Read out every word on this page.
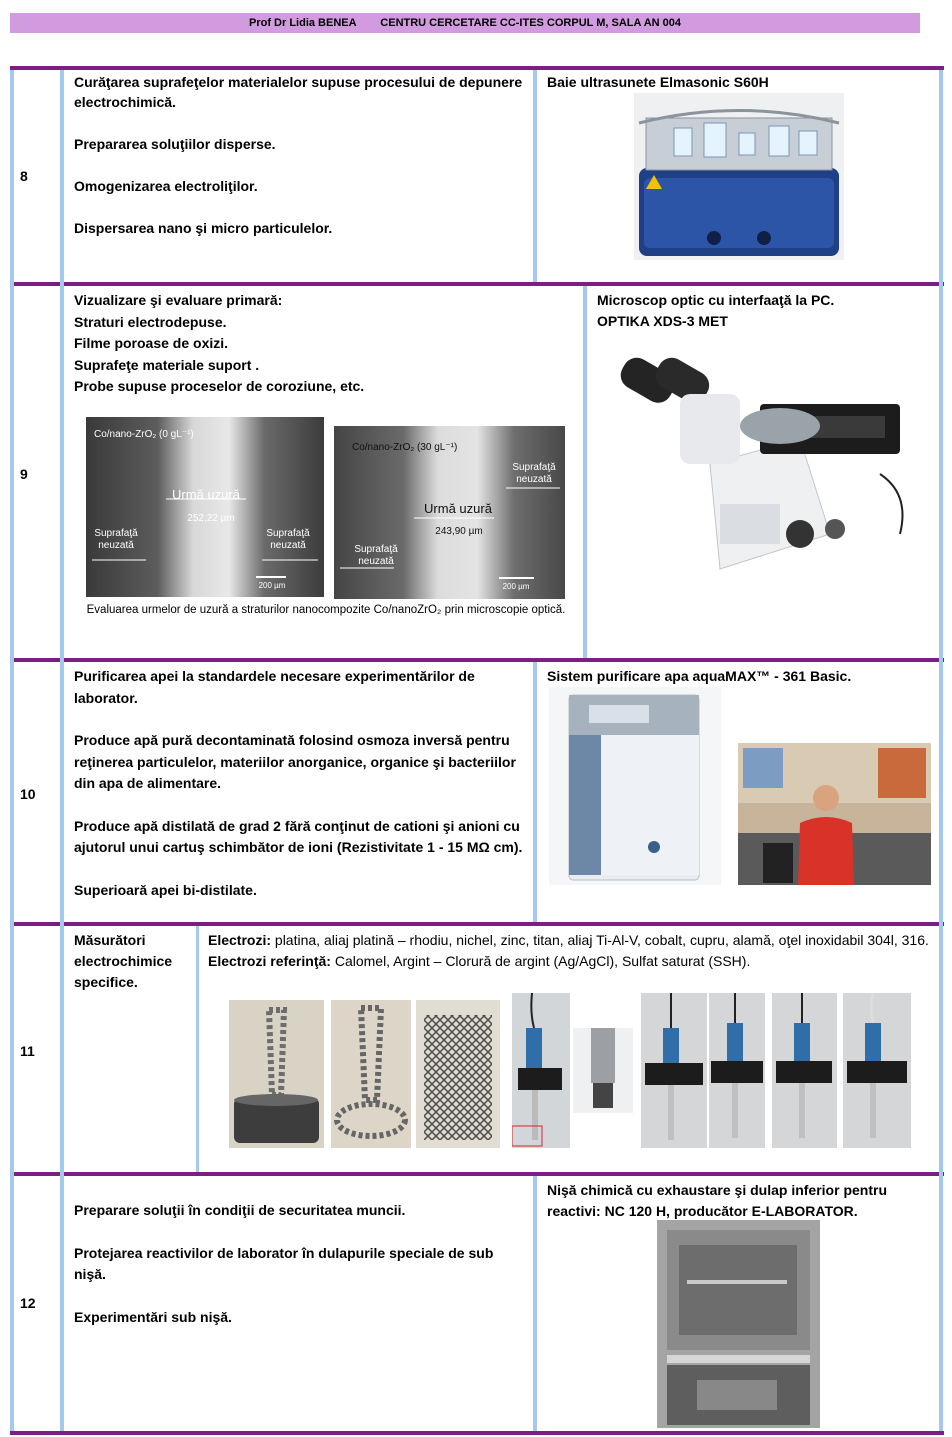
Prof Dr Lidia BENEA CENTRU CERCETARE CC-ITES CORPUL M, SALA AN 004
8

Curăţarea suprafeţelor materialelor supuse procesului de depunere electrochimică.

Prepararea soluţiilor disperse.

Omogenizarea electroliţilor.

Dispersarea nano şi micro particulelor.

Baie ultrasunete Elmasonic S60H
9
Vizualizare şi evaluare primară:
Straturi electrodepuse.
Filme poroase de oxizi.
Suprafeţe materiale suport .
Probe supuse proceselor de coroziune, etc.
Microscop optic cu interfaaţă la PC.
OPTIKA XDS-3 MET
Co/nano-ZrO₂ (0 gL⁻¹)
Urmă uzură
252,22 µm
Suprafaţă neuzată
Suprafaţă neuzată
200 µm
Co/nano-ZrO₂ (30 gL⁻¹)
Urmă uzură
243,90 µm
Suprafaţă neuzată
Suprafaţă neuzată
200 µm
Evaluarea urmelor de uzură a straturilor nanocompozite Co/nanoZrO₂ prin microscopie optică.
10

Purificarea apei la standardele necesare experimentărilor de laborator.

Produce apă pură decontaminată folosind osmoza inversă pentru reţinerea particulelor, materiilor anorganice, organice şi bacteriilor din apa de alimentare.

Produce apă distilată de grad 2 fără conţinut de cationi şi anioni cu ajutorul unui cartuş schimbător de ioni (Rezistivitate 1 - 15 MΩ cm).

Superioară apei bi-distilate.

Sistem purificare apa aquaMAX™ - 361 Basic.
11
Măsurători electrochimice specifice.
Electrozi: platina, aliaj platină – rhodiu, nichel, zinc, titan, aliaj Ti-Al-V, cobalt, cupru, alamă, oţel inoxidabil 304l, 316.
Electrozi referinţă: Calomel, Argint – Clorură de argint (Ag/AgCl), Sulfat saturat (SSH).
12

Preparare soluţii în condiţii de securitatea muncii.

Protejarea reactivilor de laborator în dulapurile speciale de sub nişă.

Experimentări sub nişă.

Nişă chimică cu exhaustare şi dulap inferior pentru reactivi: NC 120 H, producător E-LABORATOR.
